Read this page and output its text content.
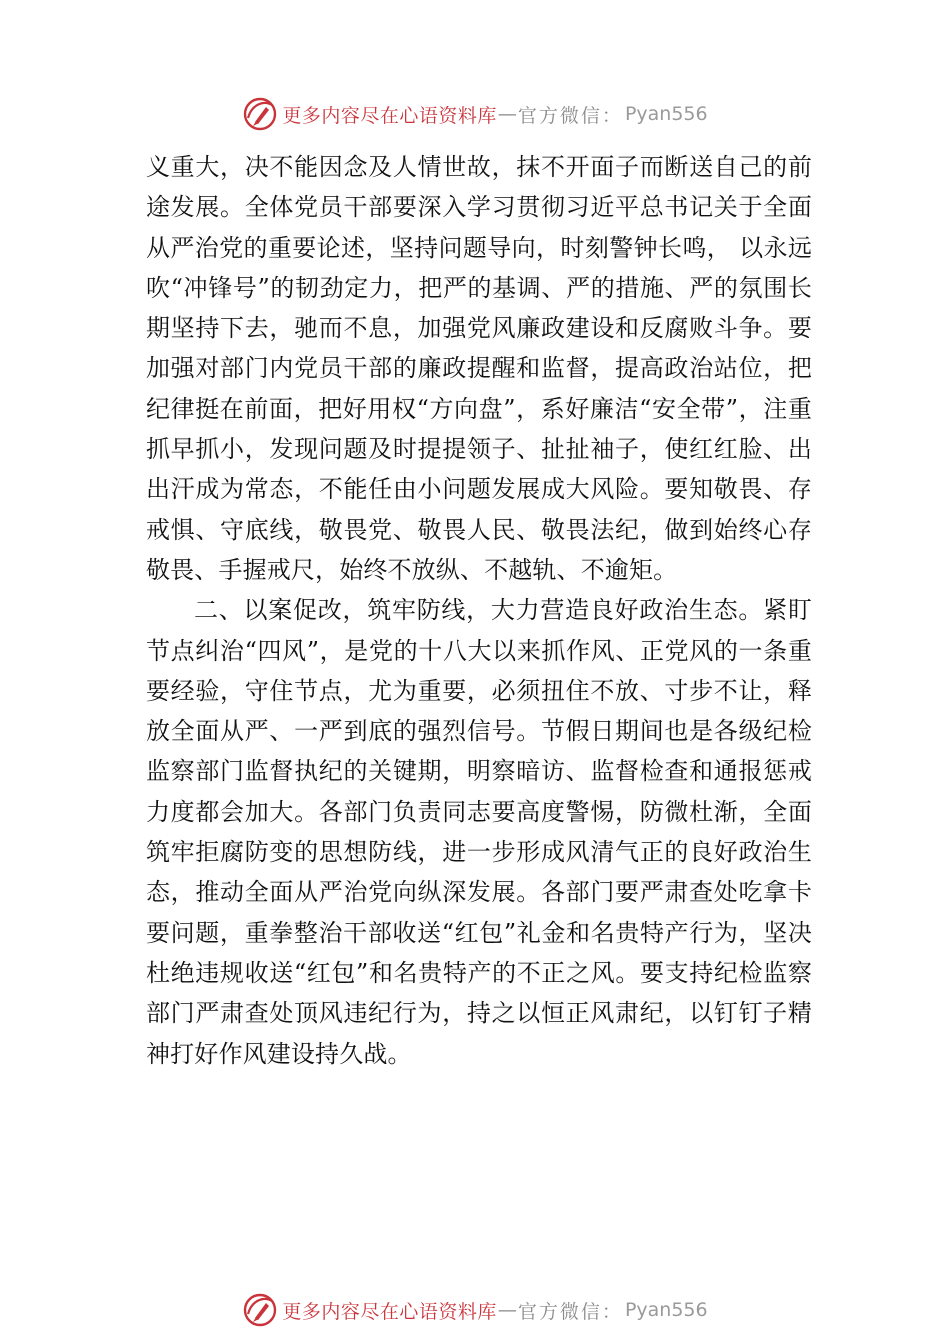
更多内容尽在心语资料库 — 官方微信： Pyan556

义重大，决不能因念及人情世故，抹不开面子而断送自己的前途发展。全体党员干部要深入学习贯彻习近平总书记关于全面从严治党的重要论述，坚持问题导向，时刻警钟长鸣， 以永远吹“冲锋号”的韧劲定力，把严的基调、严的措施、严的氛围长期坚持下去，驰而不息，加强党风廉政建设和反腐败斗争。要加强对部门内党员干部的廉政提醒和监督，提高政治站位，把纪律挺在前面，把好用权“方向盘”，系好廉洁“安全带”，注重抓早抓小，发现问题及时提提领子、扯扯袖子，使红红脸、出出汗成为常态，不能任由小问题发展成大风险。要知敬畏、存戒惧、守底线，敬畏党、敬畏人民、敬畏法纪，做到始终心存敬畏、手握戒尺，始终不放纵、不越轨、不逾矩。

二、以案促改，筑牢防线，大力营造良好政治生态。紧盯节点纠治“四风”，是党的十八大以来抓作风、正党风的一条重要经验，守住节点，尤为重要，必须扭住不放、寸步不让，释放全面从严、一严到底的强烈信号。节假日期间也是各级纪检监察部门监督执纪的关键期，明察暗访、监督检查和通报惩戒力度都会加大。各部门负责同志要高度警惕，防微杜渐，全面筑牢拒腐防变的思想防线，进一步形成风清气正的良好政治生态，推动全面从严治党向纵深发展。各部门要严肃查处吃拿卡要问题，重拳整治干部收送“红包”礼金和名贵特产行为，坚决杜绝违规收送“红包”和名贵特产的不正之风。要支持纪检监察部门严肃查处顶风违纪行为，持之以恒正风肃纪，以钉钉子精神打好作风建设持久战。

更多内容尽在心语资料库 — 官方微信： Pyan556
